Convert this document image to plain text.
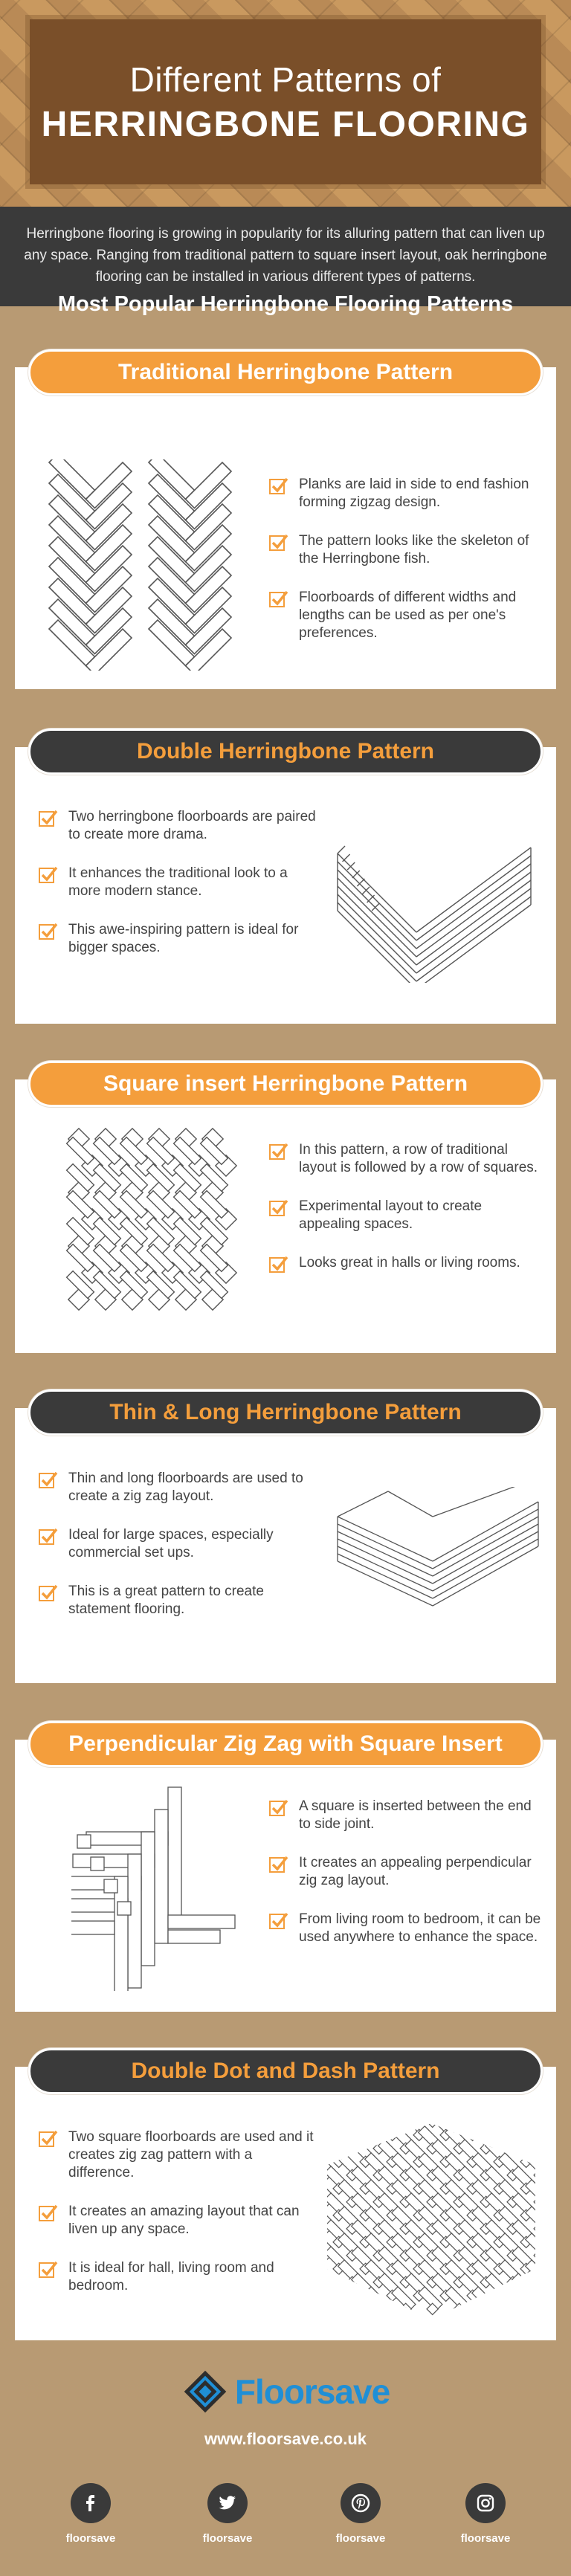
Different Patterns of
HERRINGBONE FLOORING
Herringbone flooring is growing in popularity for its alluring pattern that can liven up any space. Ranging from traditional pattern to square insert layout, oak herringbone flooring can be installed in various different types of patterns.
Most Popular Herringbone Flooring Patterns
Traditional Herringbone Pattern
Planks are laid in side to end fashion forming zigzag design.
The pattern looks like the skeleton of the Herringbone fish.
Floorboards of different widths and lengths can be used as per one's preferences.
Double Herringbone Pattern
Two herringbone floorboards are paired to create more drama.
It enhances the traditional look to a more modern stance.
This awe-inspiring pattern is ideal for bigger spaces.
Square insert Herringbone Pattern
In this pattern, a row of traditional layout is followed by a row of squares.
Experimental layout to create appealing spaces.
Looks great in halls or living rooms.
Thin & Long Herringbone Pattern
Thin and long floorboards are used to create a zig zag layout.
Ideal for large spaces, especially commercial set ups.
This is a great pattern to create statement flooring.
Perpendicular Zig Zag with Square Insert
A square is inserted between the end to side joint.
It creates an appealing perpendicular zig zag layout.
From living room to bedroom, it can be used anywhere to enhance the space.
Double Dot and Dash Pattern
Two square floorboards are used and it creates zig zag pattern with a difference.
It creates an amazing layout that can liven up any space.
It is ideal for hall, living room and bedroom.
Floorsave
www.floorsave.co.uk
floorsave	floorsave	floorsave	floorsave
